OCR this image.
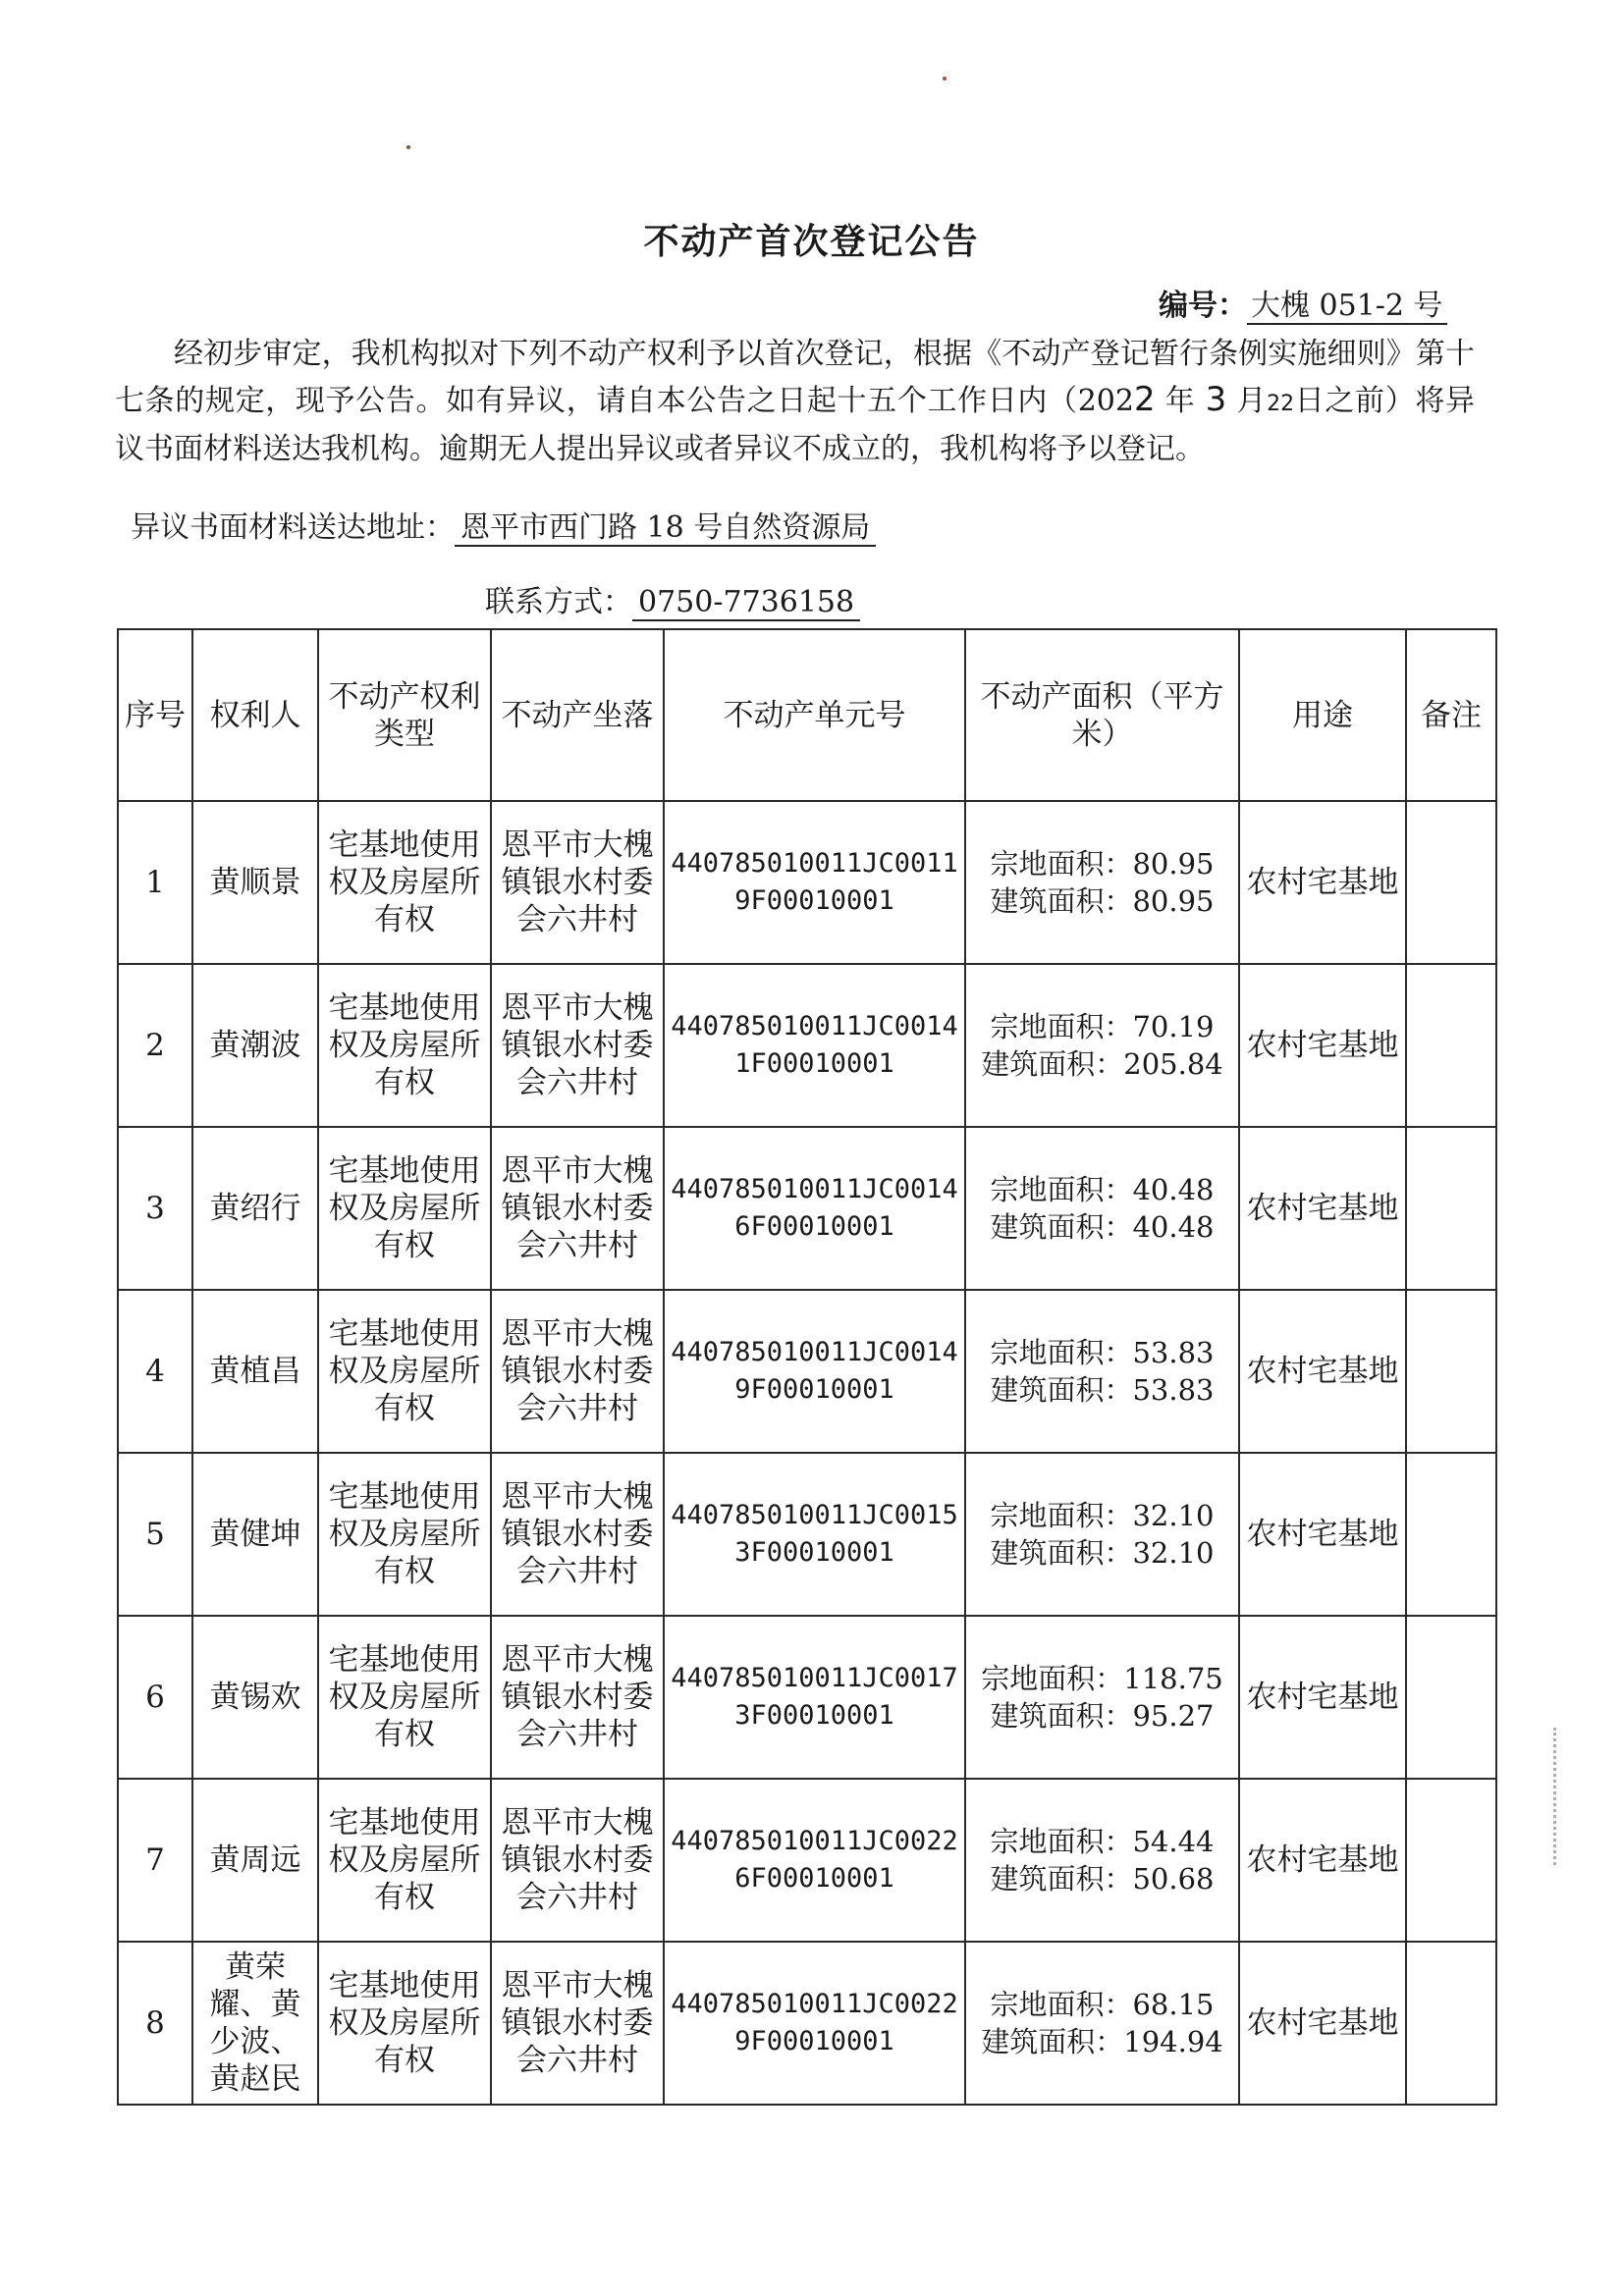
不动产首次登记公告
编号： 大槐 051-2 号
经初步审定，我机构拟对下列不动产权利予以首次登记，根据《不动产登记暂行条例实施细则》第十七条的规定，现予公告。如有异议，请自本公告之日起十五个工作日内（2022 年 3 月22日之前）将异议书面材料送达我机构。逾期无人提出异议或者异议不成立的，我机构将予以登记。
异议书面材料送达地址： 恩平市西门路 18 号自然资源局
联系方式： 0750-7736158
序号	权利人	不动产权利类型	不动产坐落	不动产单元号	不动产面积（平方米）	用途	备注
1	黄顺景	宅基地使用权及房屋所有权	恩平市大槐镇银水村委会六井村	440785010011JC00119F00010001	宗地面积：80.95
建筑面积：80.95	农村宅基地	
2	黄潮波	宅基地使用权及房屋所有权	恩平市大槐镇银水村委会六井村	440785010011JC00141F00010001	宗地面积：70.19
建筑面积：205.84	农村宅基地	
3	黄绍行	宅基地使用权及房屋所有权	恩平市大槐镇银水村委会六井村	440785010011JC00146F00010001	宗地面积：40.48
建筑面积：40.48	农村宅基地	
4	黄植昌	宅基地使用权及房屋所有权	恩平市大槐镇银水村委会六井村	440785010011JC00149F00010001	宗地面积：53.83
建筑面积：53.83	农村宅基地	
5	黄健坤	宅基地使用权及房屋所有权	恩平市大槐镇银水村委会六井村	440785010011JC00153F00010001	宗地面积：32.10
建筑面积：32.10	农村宅基地	
6	黄锡欢	宅基地使用权及房屋所有权	恩平市大槐镇银水村委会六井村	440785010011JC00173F00010001	宗地面积：118.75
建筑面积：95.27	农村宅基地	
7	黄周远	宅基地使用权及房屋所有权	恩平市大槐镇银水村委会六井村	440785010011JC00226F00010001	宗地面积：54.44
建筑面积：50.68	农村宅基地	
8	黄荣耀、黄少波、黄赵民	宅基地使用权及房屋所有权	恩平市大槐镇银水村委会六井村	440785010011JC00229F00010001	宗地面积：68.15
建筑面积：194.94	农村宅基地	
